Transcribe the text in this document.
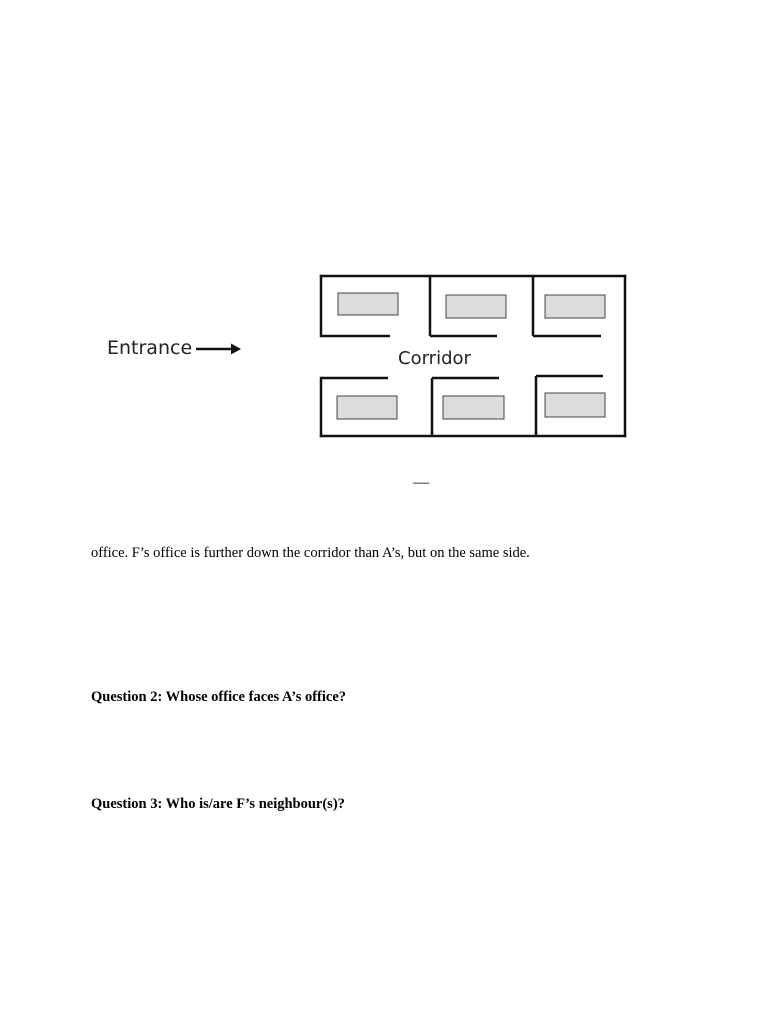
Entrance	Corridor
—
office. F’s office is further down the corridor than A’s, but on the same side.
Question 2: Whose office faces A’s office?
Question 3: Who is/are F’s neighbour(s)?
